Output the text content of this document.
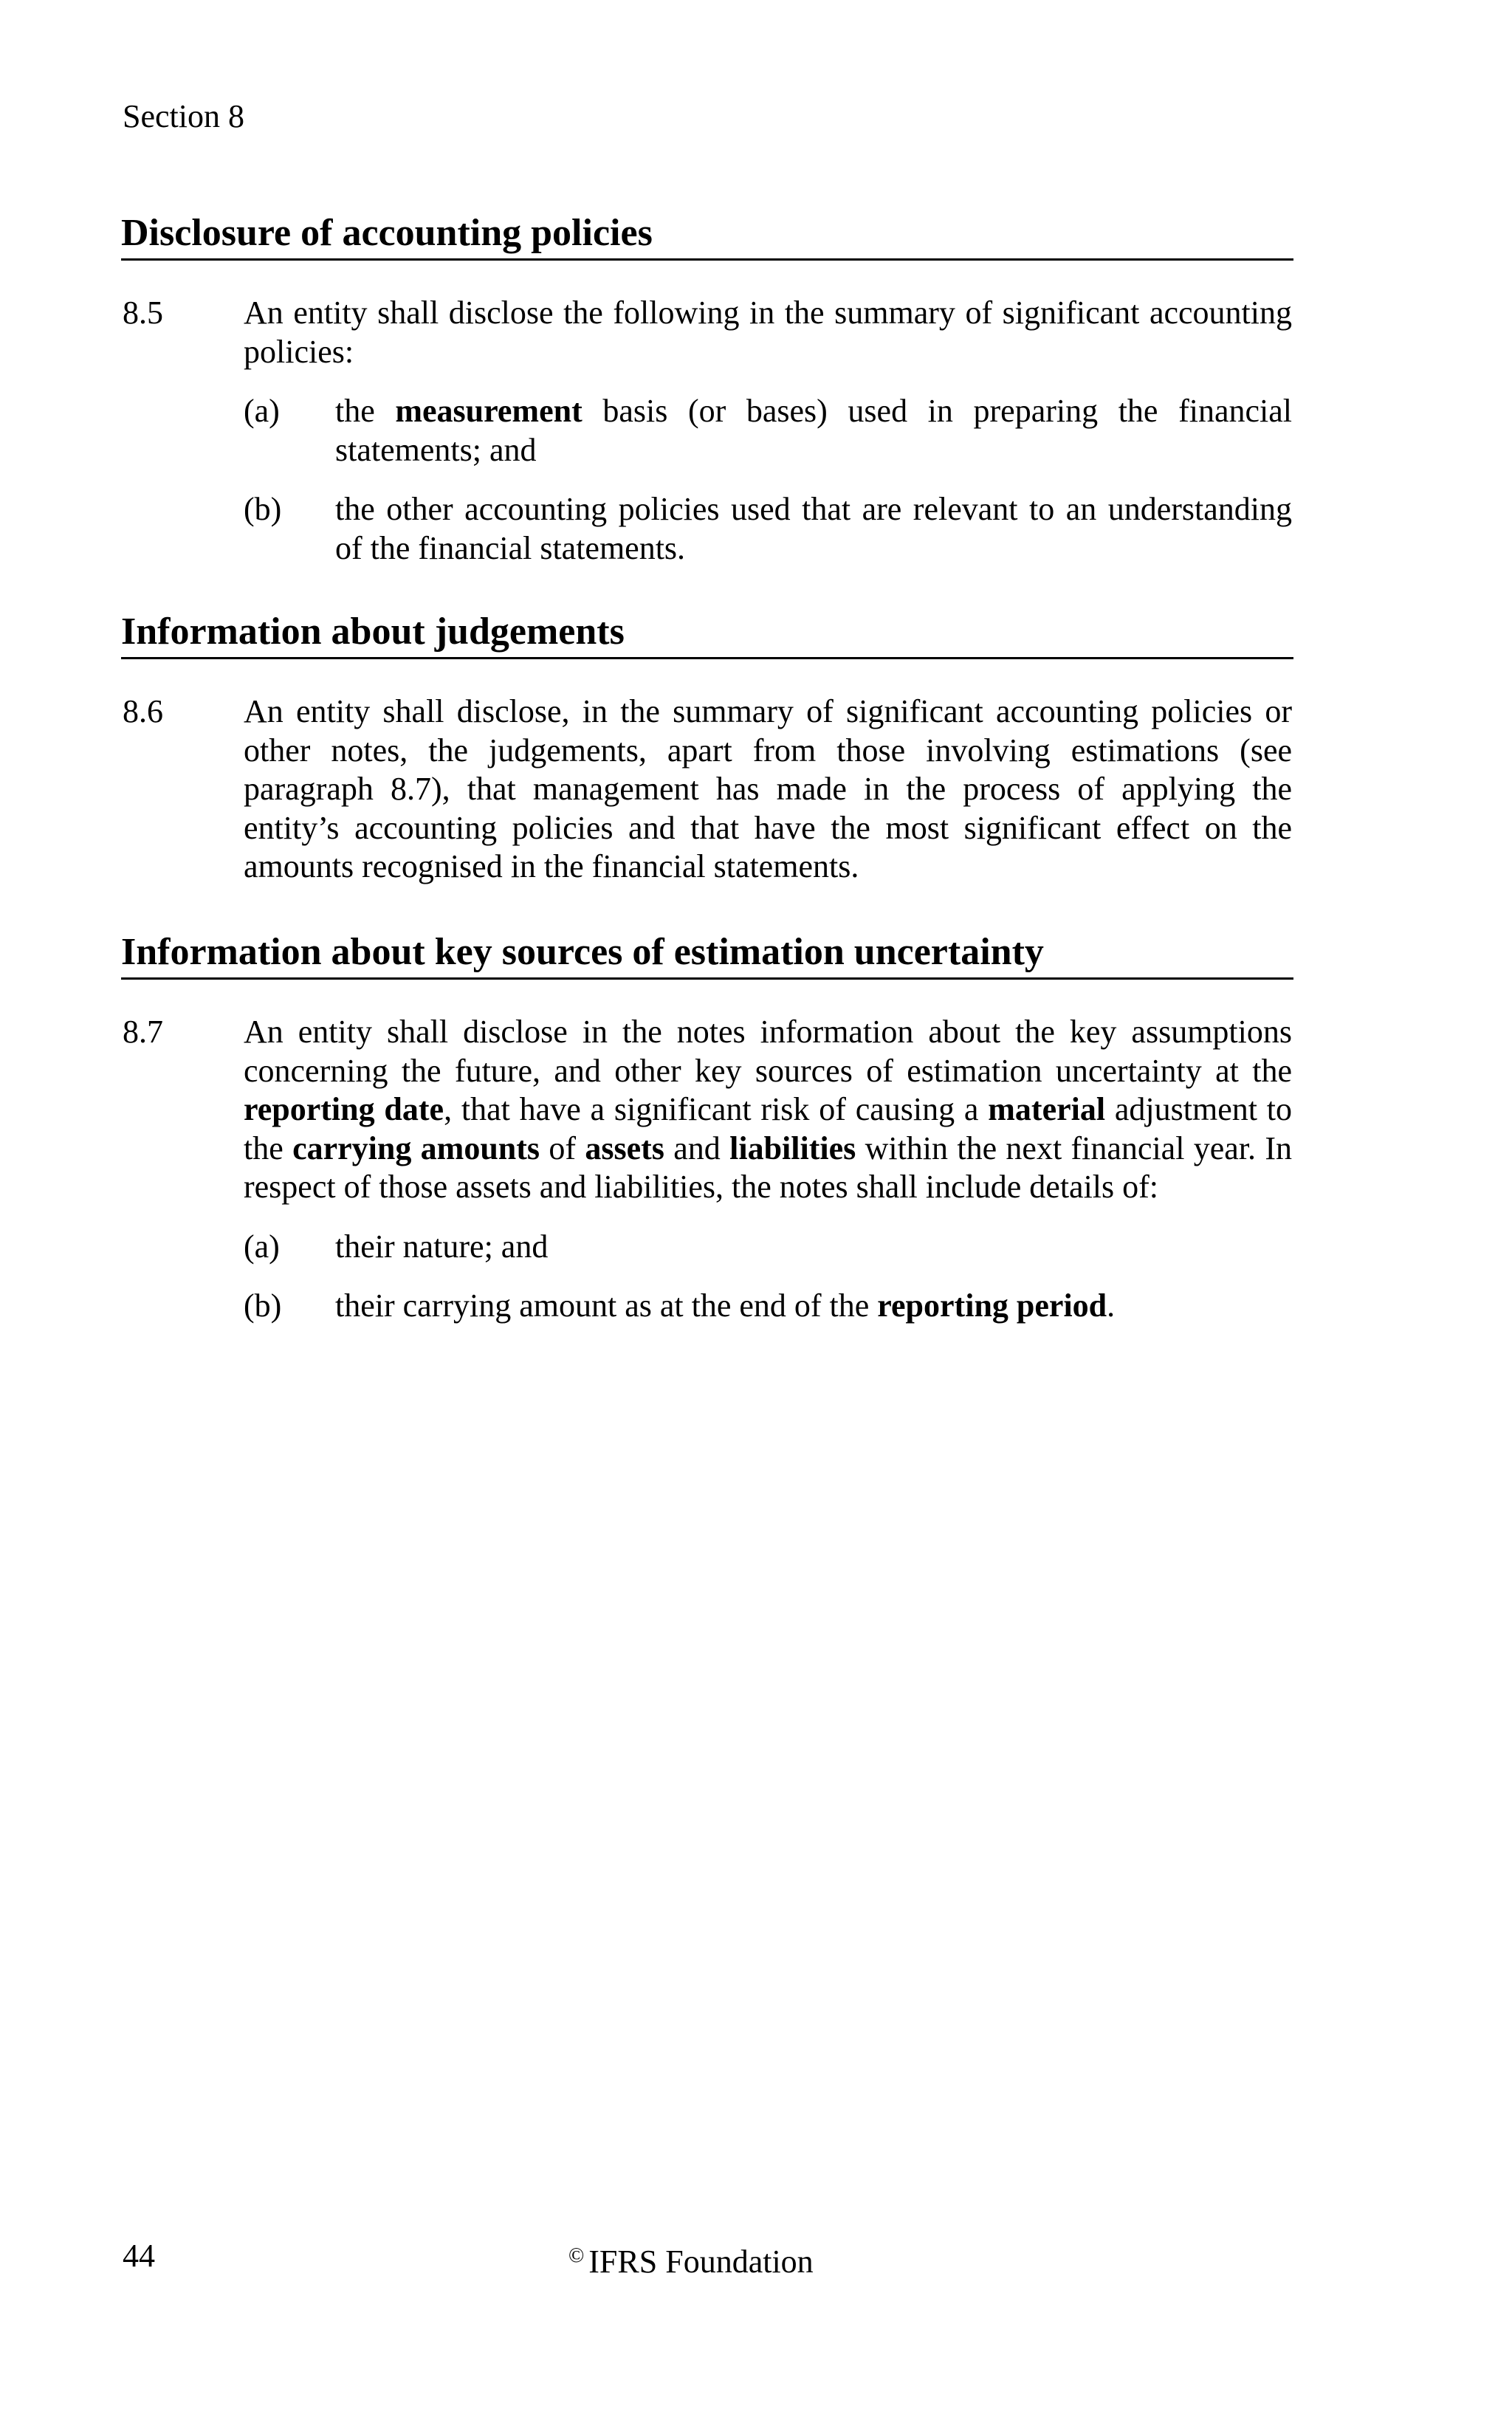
Section 8
Disclosure of accounting policies
8.5 An entity shall disclose the following in the summary of significant accounting policies:
(a) the measurement basis (or bases) used in preparing the financial statements; and
(b) the other accounting policies used that are relevant to an understanding of the financial statements.
Information about judgements
8.6 An entity shall disclose, in the summary of significant accounting policies or other notes, the judgements, apart from those involving estimations (see paragraph 8.7), that management has made in the process of applying the entity’s accounting policies and that have the most significant effect on the amounts recognised in the financial statements.
Information about key sources of estimation uncertainty
8.7 An entity shall disclose in the notes information about the key assumptions concerning the future, and other key sources of estimation uncertainty at the reporting date, that have a significant risk of causing a material adjustment to the carrying amounts of assets and liabilities within the next financial year. In respect of those assets and liabilities, the notes shall include details of:
(a) their nature; and
(b) their carrying amount as at the end of the reporting period.
44	© IFRS Foundation
